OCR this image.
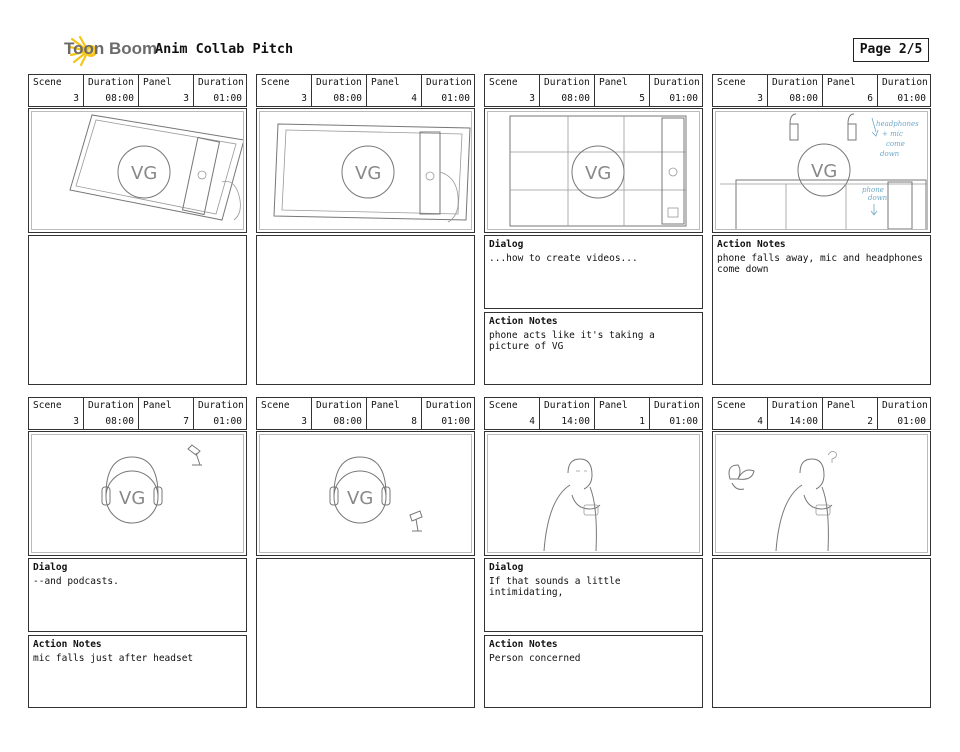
Toon Boom
Anim Collab Pitch	Page 2/5
Scene
3
Duration
08:00
Panel
3
Duration
01:00
VG
Scene
3
Duration
08:00
Panel
4
Duration
01:00
VG
Scene
3
Duration
08:00
Panel
5
Duration
01:00
VG
Dialog
...how to create videos...
Action Notes
phone acts like it's taking a picture of VG
Scene
3
Duration
08:00
Panel
6
Duration
01:00
VG
headphones
+ mic
come
down
phone
down
Action Notes
phone falls away, mic and headphones come down
Scene
3
Duration
08:00
Panel
7
Duration
01:00
VG
Dialog
--and podcasts.
Action Notes
mic falls just after headset
Scene
3
Duration
08:00
Panel
8
Duration
01:00
VG
Scene
4
Duration
14:00
Panel
1
Duration
01:00
Dialog
If that sounds a little intimidating,
Action Notes
Person concerned
Scene
4
Duration
14:00
Panel
2
Duration
01:00
